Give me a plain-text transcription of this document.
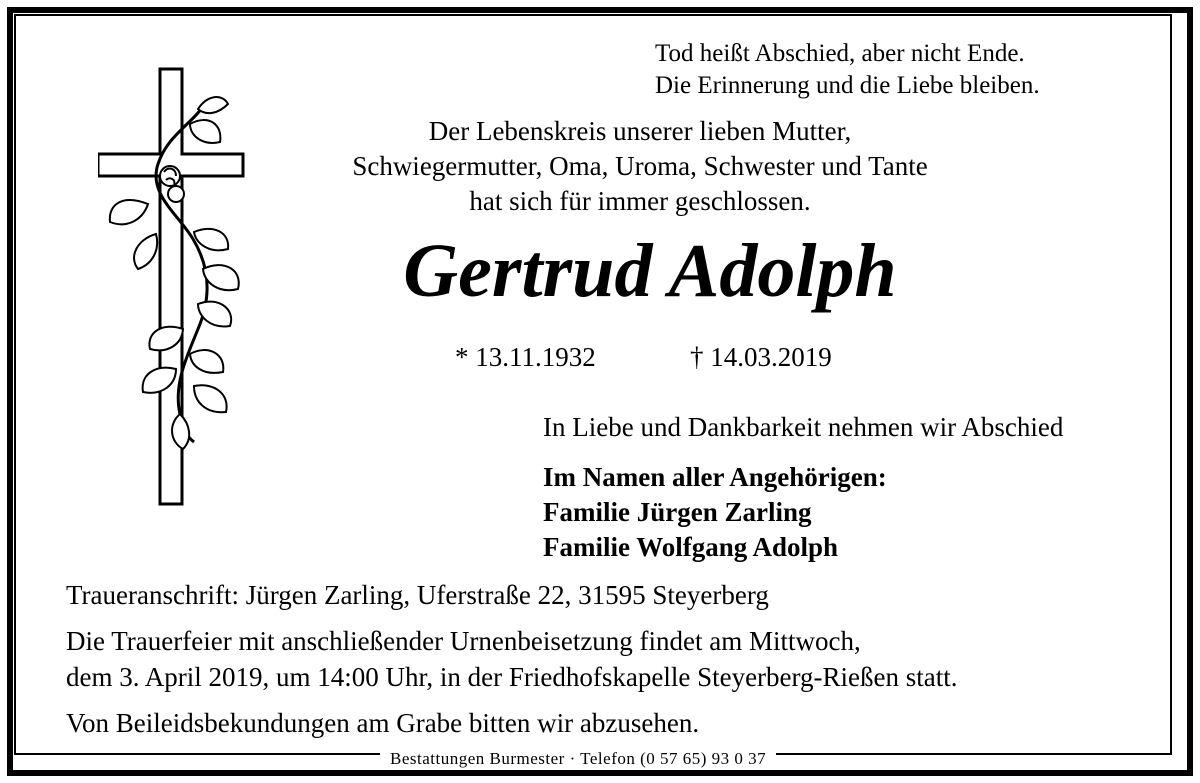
Tod heißt Abschied, aber nicht Ende.
Die Erinnerung und die Liebe bleiben.
Der Lebenskreis unserer lieben Mutter,
Schwiegermutter, Oma, Uroma, Schwester und Tante
hat sich für immer geschlossen.
Gertrud Adolph
* 13.11.1932	† 14.03.2019
In Liebe und Dankbarkeit nehmen wir Abschied
Im Namen aller Angehörigen:
Familie Jürgen Zarling
Familie Wolfgang Adolph
Traueranschrift: Jürgen Zarling, Uferstraße 22, 31595 Steyerberg
Die Trauerfeier mit anschließender Urnenbeisetzung findet am Mittwoch,
dem 3. April 2019, um 14:00 Uhr, in der Friedhofskapelle Steyerberg-Rießen statt.
Von Beileidsbekundungen am Grabe bitten wir abzusehen.
Bestattungen Burmester · Telefon (0 57 65) 93 0 37
